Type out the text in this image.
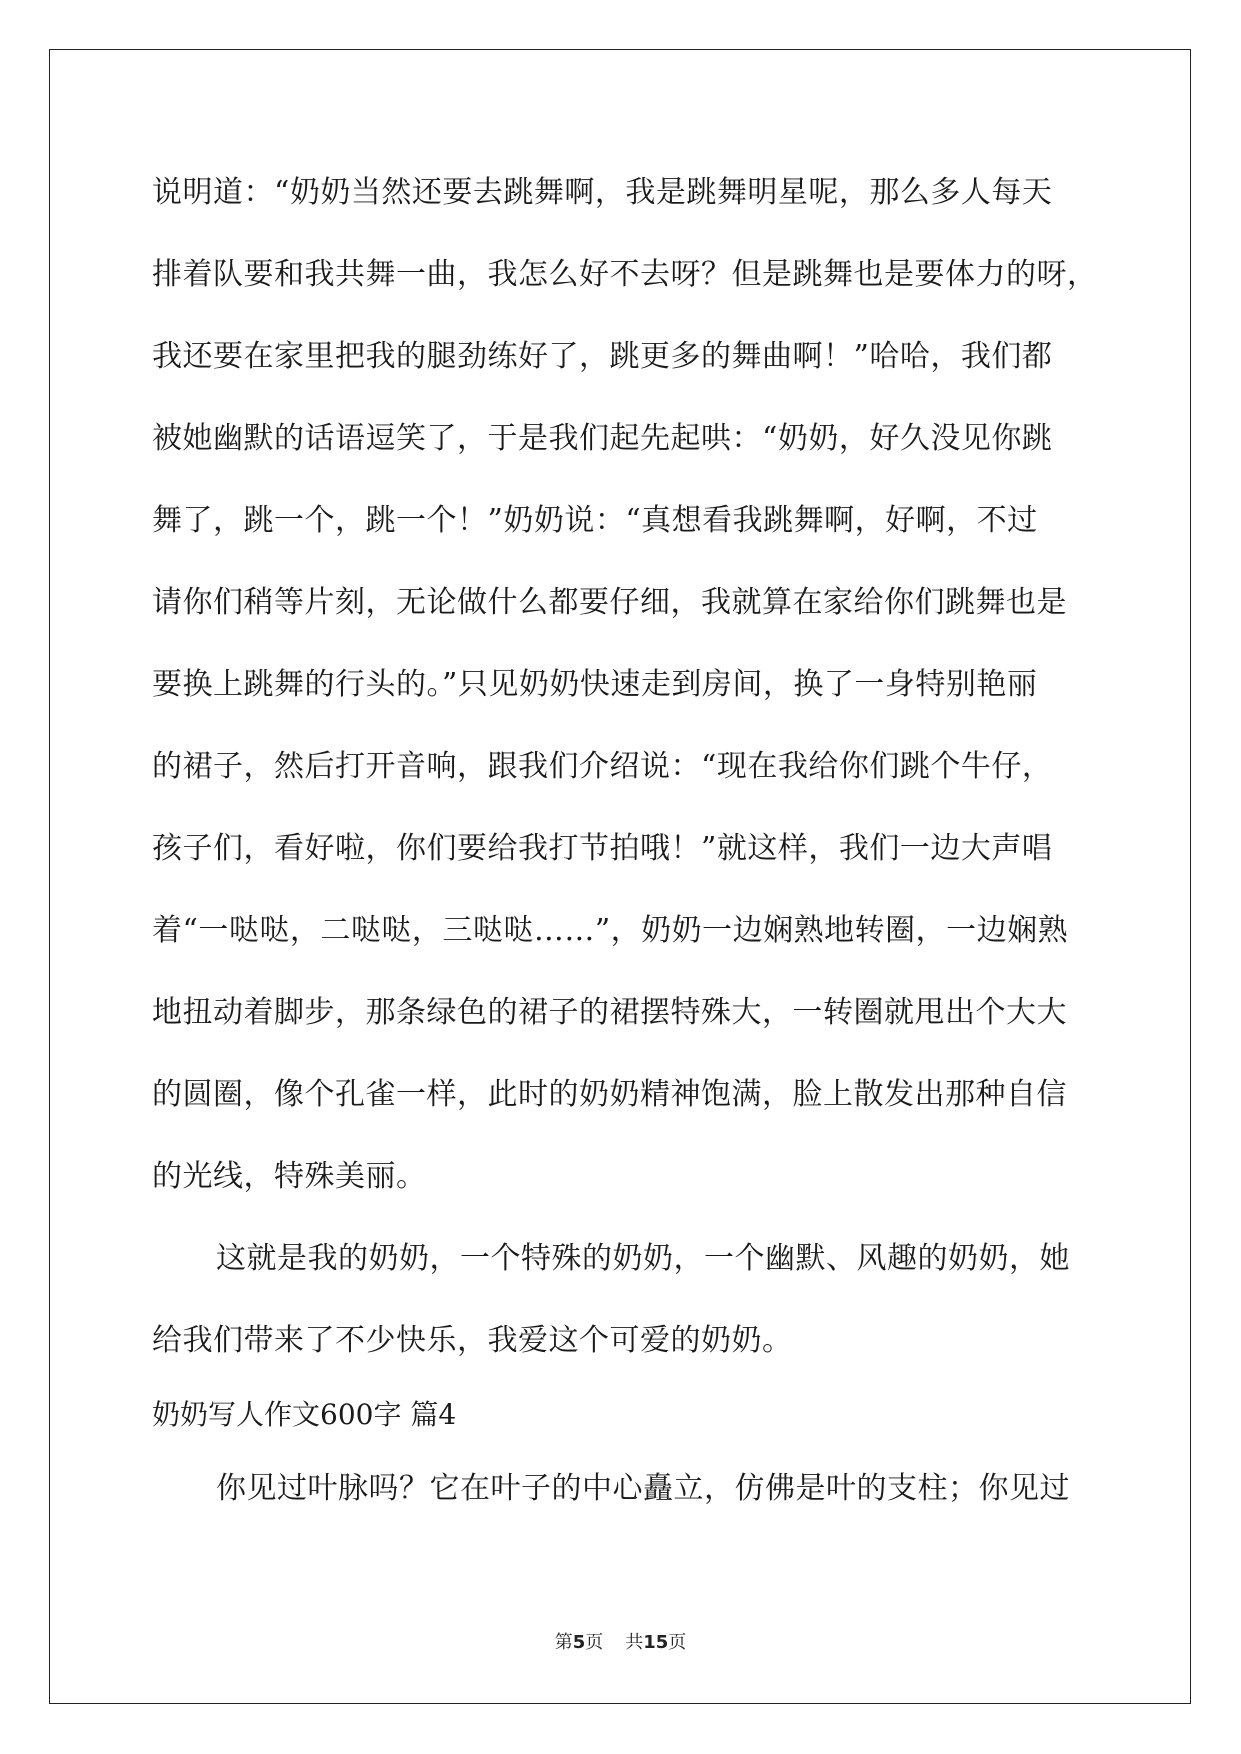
说明道：“奶奶当然还要去跳舞啊，我是跳舞明星呢，那么多人每天
排着队要和我共舞一曲，我怎么好不去呀？但是跳舞也是要体力的呀，
我还要在家里把我的腿劲练好了，跳更多的舞曲啊！”哈哈，我们都
被她幽默的话语逗笑了，于是我们起先起哄：“奶奶，好久没见你跳
舞了，跳一个，跳一个！”奶奶说：“真想看我跳舞啊，好啊，不过
请你们稍等片刻，无论做什么都要仔细，我就算在家给你们跳舞也是
要换上跳舞的行头的。”只见奶奶快速走到房间，换了一身特别艳丽
的裙子，然后打开音响，跟我们介绍说：“现在我给你们跳个牛仔，
孩子们，看好啦，你们要给我打节拍哦！”就这样，我们一边大声唱
着“一哒哒，二哒哒，三哒哒……”，奶奶一边娴熟地转圈，一边娴熟
地扭动着脚步，那条绿色的裙子的裙摆特殊大，一转圈就甩出个大大
的圆圈，像个孔雀一样，此时的奶奶精神饱满，脸上散发出那种自信
的光线，特殊美丽。
这就是我的奶奶，一个特殊的奶奶，一个幽默、风趣的奶奶，她
给我们带来了不少快乐，我爱这个可爱的奶奶。
奶奶写人作文600字 篇4
你见过叶脉吗？它在叶子的中心矗立，仿佛是叶的支柱；你见过
第5页 共15页
